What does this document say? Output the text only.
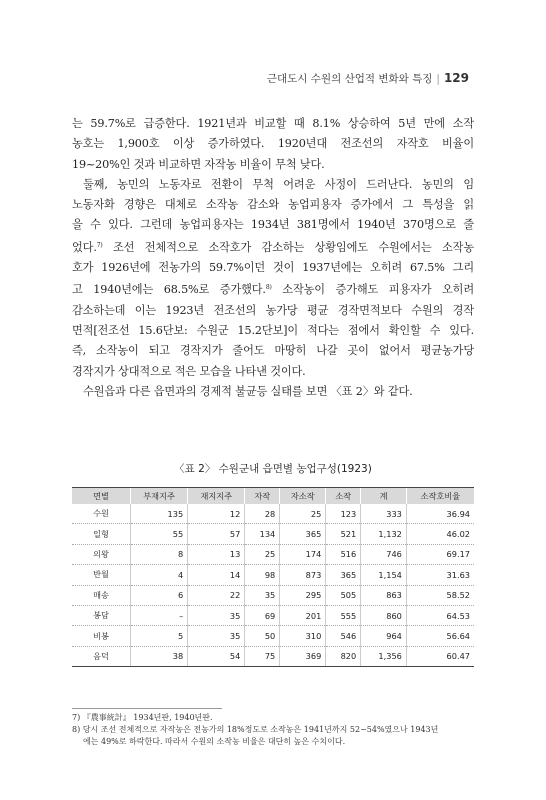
근대도시 수원의 산업적 변화와 특징 | 129

는 59.7%로 급증한다. 1921년과 비교할 때 8.1% 상승하여 5년 만에 소작

농호는 1,900호 이상 증가하였다. 1920년대 전조선의 자작호 비율이

19~20%인 것과 비교하면 자작농 비율이 무척 낮다.

둘째, 농민의 노동자로 전환이 무척 어려운 사정이 드러난다. 농민의 임

노동자화 경향은 대체로 소작농 감소와 농업피용자 증가에서 그 특성을 읽

을 수 있다. 그런데 농업피용자는 1934년 381명에서 1940년 370명으로 줄

었다.$^{7)}$ 조선 전체적으로 소작호가 감소하는 상황임에도 수원에서는 소작농

호가 1926년에 전농가의 59.7%이던 것이 1937년에는 오히려 67.5% 그리

고 1940년에는 68.5%로 증가했다.$^{8)}$ 소작농이 증가해도 피용자가 오히려

감소하는데 이는 1923년 전조선의 농가당 평균 경작면적보다 수원의 경작

면적[전조선 15.6단보: 수원군 15.2단보]이 적다는 점에서 확인할 수 있다.

즉, 소작농이 되고 경작지가 줄어도 마땅히 나갈 곳이 없어서 평균농가당

경작지가 상대적으로 적은 모습을 나타낸 것이다.

수원읍과 다른 읍면과의 경제적 불균등 실태를 보면 〈표 2〉와 같다.

〈표 2〉 수원군내 읍면별 농업구성(1923)
면별	부재지주	재지지주	자작	자소작	소작	계	소작호비율
수원	135	12	28	25	123	333	36.94
일형	55	57	134	365	521	1,132	46.02
의왕	8	13	25	174	516	746	69.17
반월	4	14	98	873	365	1,154	31.63
매송	6	22	35	295	505	863	58.52
봉담	–	35	69	201	555	860	64.53
비봉	5	35	50	310	546	964	56.64
음덕	38	54	75	369	820	1,356	60.47
7) 『農事統計』 1934년판, 1940년판.
8) 당시 조선 전체적으로 자작농은 전농가의 18%정도로 소작농은 1941년까지 52~54%였으나 1943년
에는 49%로 하락한다. 따라서 수원의 소작농 비율은 대단히 높은 수치이다.
